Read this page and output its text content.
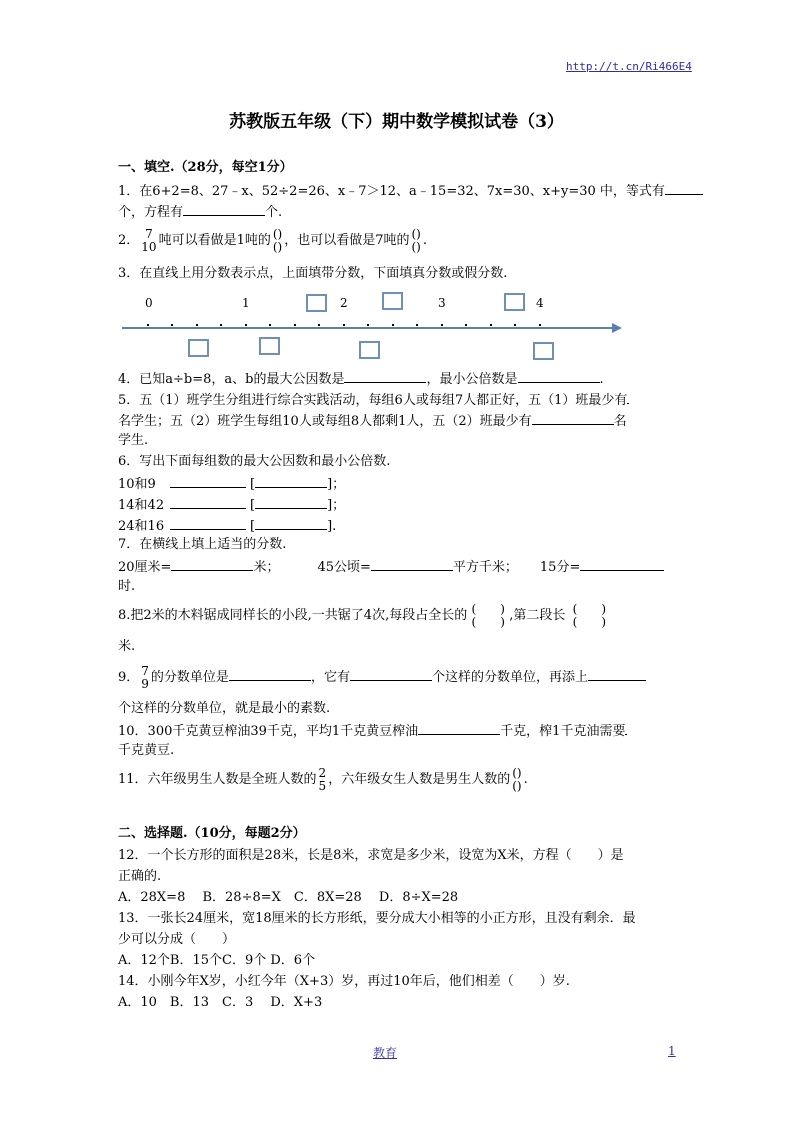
http://t.cn/Ri466E4
苏教版五年级（下）期中数学模拟试卷（3）
一、填空.（28分，每空1分）
1．在6+2=8、27﹣x、52÷2=26、x﹣7＞12、a﹣15=32、7x=30、x+y=30 中，等式有
个，方程有	个.
2． 7
10 吨可以看做是1吨的 ()
() ，也可以看做是7吨的 ()
() .
3．在直线上用分数表示点，上面填带分数，下面填真分数或假分数.
0	1	2	3	4
4．已知a÷b=8，a、b的最大公因数是	，最小公倍数是	.
5．五（1）班学生分组进行综合实践活动，每组6人或每组7人都正好，五（1）班最少有
名学生；五（2）班学生每组10人或每组8人都剩1人，五（2）班最少有	名
学生.
6．写出下面每组数的最大公因数和最小公倍数.
10和9	[	]；
14和42	[	]；
24和16	[	].
7．在横线上填上适当的分数.
20厘米=	米；	45公顷=	平方千米； 15分=
时.
8.把2米的木料锯成同样长的小段,一共锯了4次,每段占全长的 (　　)
(　　) ,第二段长 (　　)
(　　)
米.
9． 7
9 的分数单位是	，它有	个这样的分数单位，再添上
个这样的分数单位，就是最小的素数.
10．300千克黄豆榨油39千克，平均1千克黄豆榨油	千克，榨1千克油需要
千克黄豆.
11．六年级男生人数是全班人数的 2
5 ，六年级女生人数是男生人数的 ()
() .
二、选择题.（10分，每题2分）
12．一个长方形的面积是28米，长是8米，求宽是多少米，设宽为X米，方程（　　）是
正确的.
A．28X=8　 B．28÷8=X　C．8X=28　 D．8÷X=28
13．一张长24厘米，宽18厘米的长方形纸，要分成大小相等的小正方形，且没有剩余．最
少可以分成（　　）
A．12个B．15个C．9个 D．6个
14．小刚今年X岁，小红今年（X+3）岁，再过10年后，他们相差（　　）岁.
A．10　B．13　C．3　 D．X+3
教育	1
